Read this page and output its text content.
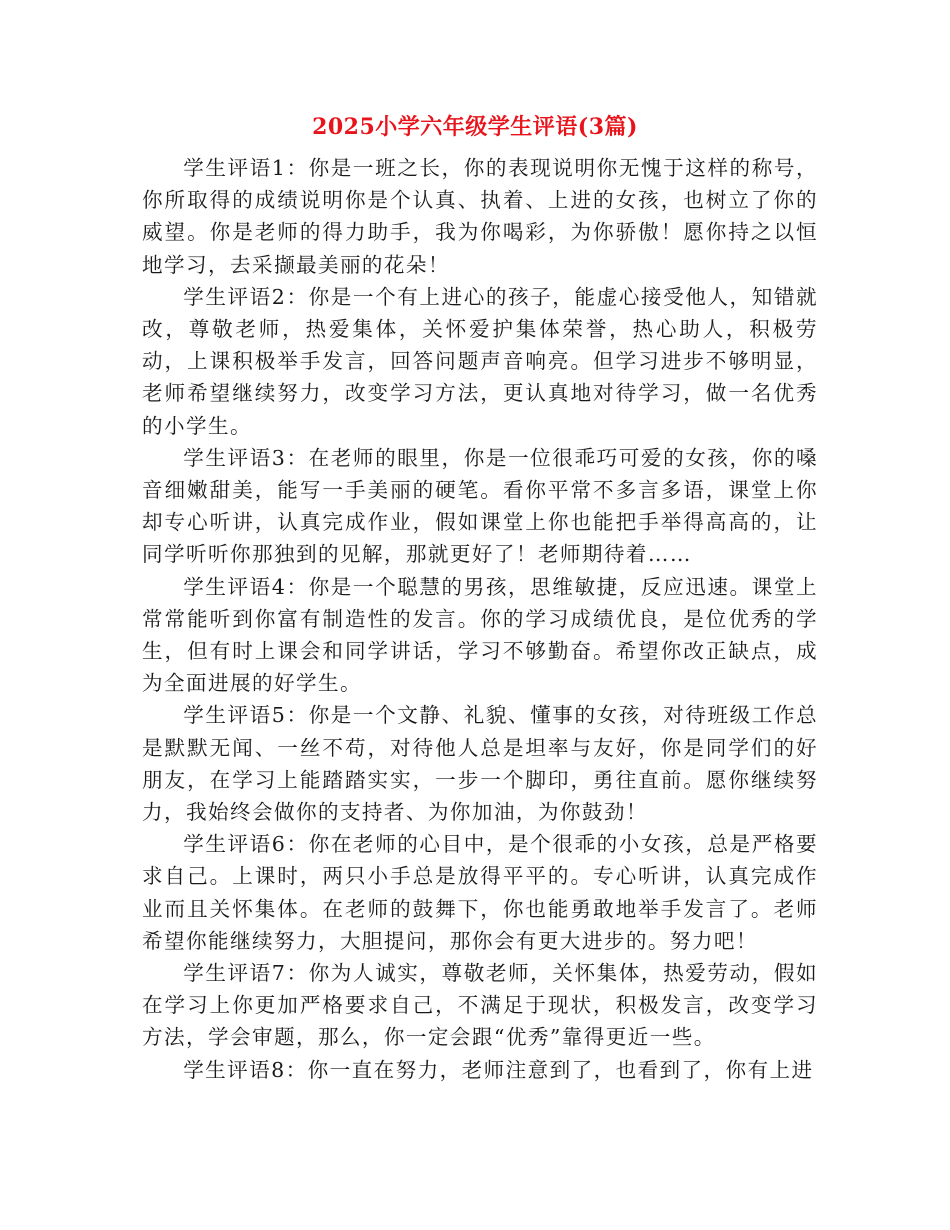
2025小学六年级学生评语(3篇)

学生评语1：你是一班之长，你的表现说明你无愧于这样的称号，你所取得的成绩说明你是个认真、执着、上进的女孩，也树立了你的威望。你是老师的得力助手，我为你喝彩，为你骄傲！愿你持之以恒地学习，去采撷最美丽的花朵！

学生评语2：你是一个有上进心的孩子，能虚心接受他人，知错就改，尊敬老师，热爱集体，关怀爱护集体荣誉，热心助人，积极劳动，上课积极举手发言，回答问题声音响亮。但学习进步不够明显，老师希望继续努力，改变学习方法，更认真地对待学习，做一名优秀的小学生。

学生评语3：在老师的眼里，你是一位很乖巧可爱的女孩，你的嗓音细嫩甜美，能写一手美丽的硬笔。看你平常不多言多语，课堂上你却专心听讲，认真完成作业，假如课堂上你也能把手举得高高的，让同学听听你那独到的见解，那就更好了！老师期待着……

学生评语4：你是一个聪慧的男孩，思维敏捷，反应迅速。课堂上常常能听到你富有制造性的发言。你的学习成绩优良，是位优秀的学生，但有时上课会和同学讲话，学习不够勤奋。希望你改正缺点，成为全面进展的好学生。

学生评语5：你是一个文静、礼貌、懂事的女孩，对待班级工作总是默默无闻、一丝不苟，对待他人总是坦率与友好，你是同学们的好朋友，在学习上能踏踏实实，一步一个脚印，勇往直前。愿你继续努力，我始终会做你的支持者、为你加油，为你鼓劲！

学生评语6：你在老师的心目中，是个很乖的小女孩，总是严格要求自己。上课时，两只小手总是放得平平的。专心听讲，认真完成作业而且关怀集体。在老师的鼓舞下，你也能勇敢地举手发言了。老师希望你能继续努力，大胆提问，那你会有更大进步的。努力吧！

学生评语7：你为人诚实，尊敬老师，关怀集体，热爱劳动，假如在学习上你更加严格要求自己，不满足于现状，积极发言，改变学习方法，学会审题，那么，你一定会跟“优秀”靠得更近一些。

学生评语8：你一直在努力，老师注意到了，也看到了，你有上进
